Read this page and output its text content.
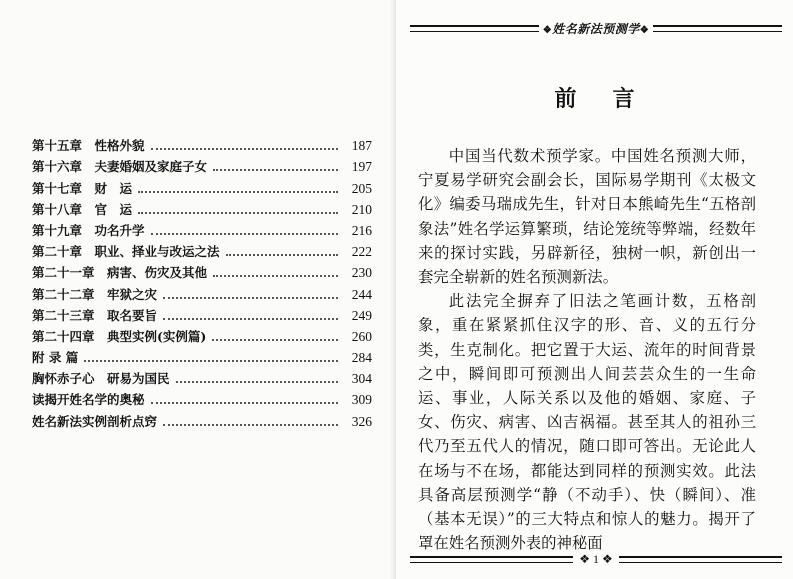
第十五章　性格外貌	187
第十六章　夫妻婚姻及家庭子女	197
第十七章　财　运	205
第十八章　官　运	210
第十九章　功名升学	216
第二十章　职业、择业与改运之法	222
第二十一章　病害、伤灾及其他	230
第二十二章　牢狱之灾	244
第二十三章　取名要旨	249
第二十四章　典型实例(实例篇)	260
附 录 篇	284
胸怀赤子心　研易为国民	304
读揭开姓名学的奥秘	309
姓名新法实例剖析点窍	326
❖姓名新法预测学❖
前言

中国当代数术预学家。中国姓名预测大师，宁夏易学研究会副会长，国际易学期刊《太极文化》编委马瑞成先生，针对日本熊崎先生“五格剖象法”姓名学运算繁琐，结论笼统等弊端，经数年来的探讨实践，另辟新径，独树一帜，新创出一套完全崭新的姓名预测新法。

此法完全摒弃了旧法之笔画计数，五格剖象，重在紧紧抓住汉字的形、音、义的五行分类，生克制化。把它置于大运、流年的时间背景之中，瞬间即可预测出人间芸芸众生的一生命运、事业，人际关系以及他的婚姻、家庭、子女、伤灾、病害、凶吉祸福。甚至其人的祖孙三代乃至五代人的情况，随口即可答出。无论此人在场与不在场，都能达到同样的预测实效。此法具备高层预测学“静（不动手）、快（瞬间）、准（基本无误）”的三大特点和惊人的魅力。揭开了罩在姓名预测外表的神秘面

❖ 1 ❖
